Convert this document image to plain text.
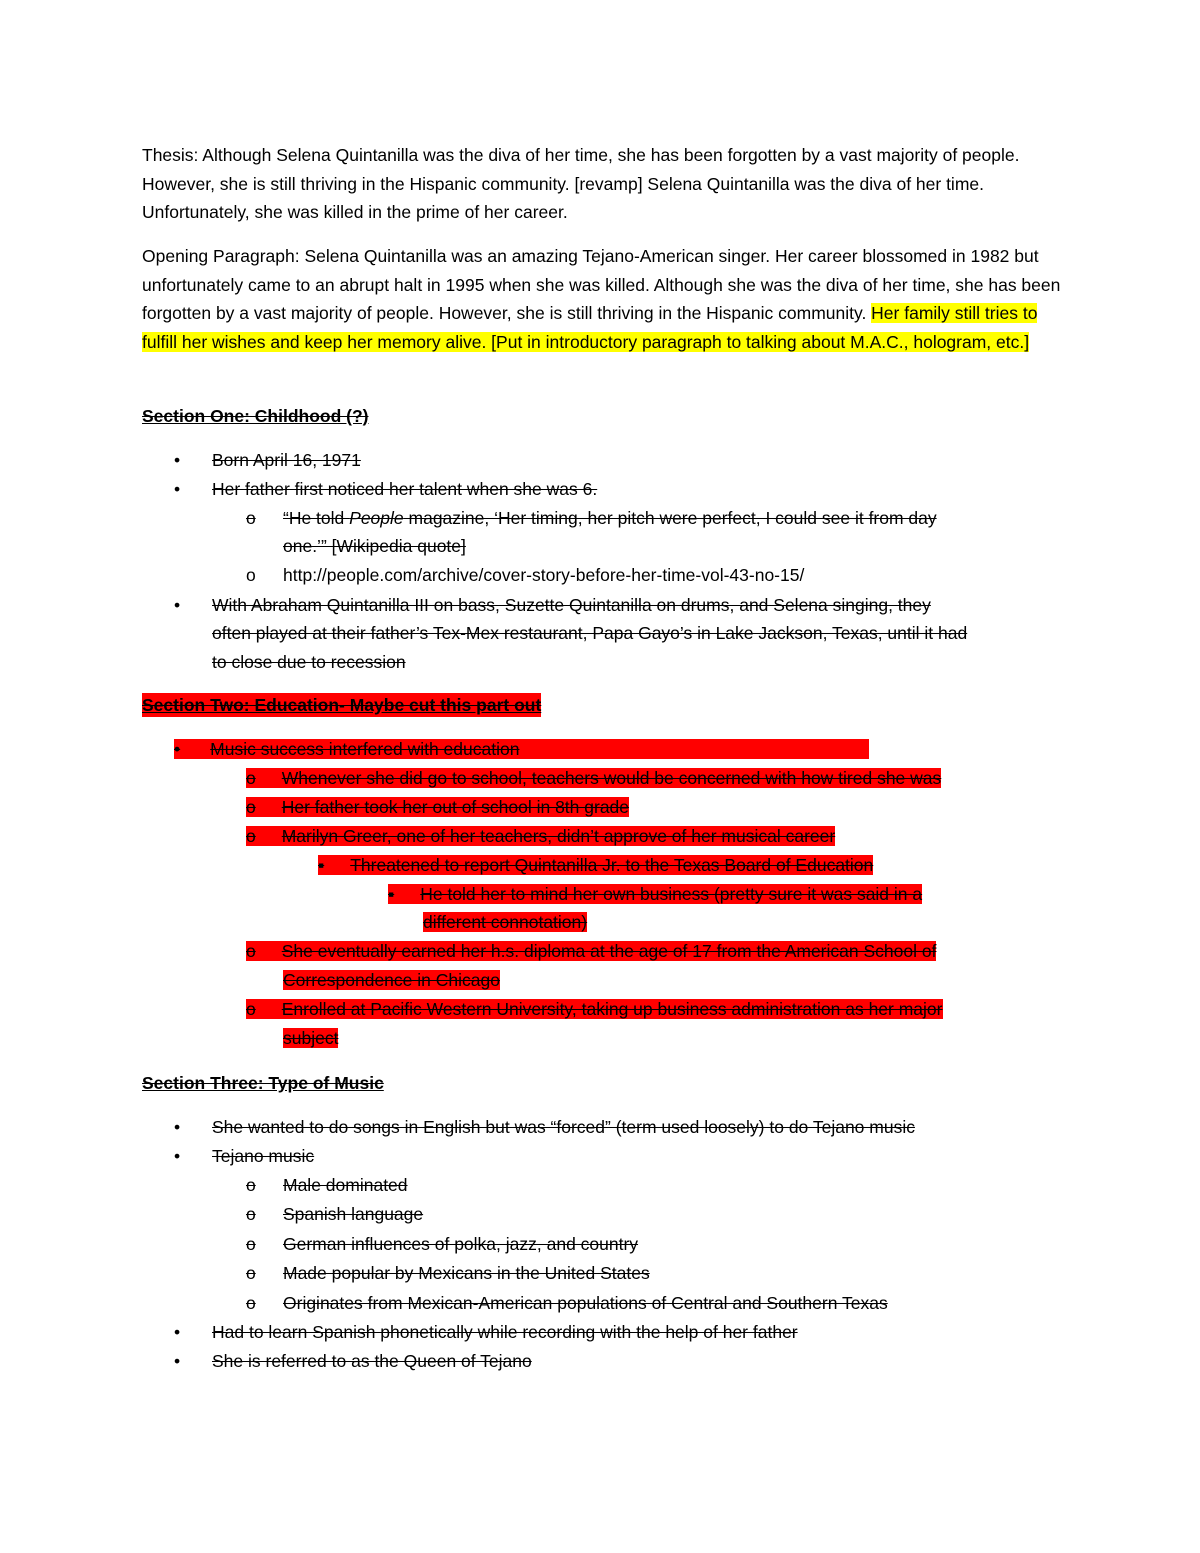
Thesis: Although Selena Quintanilla was the diva of her time, she has been forgotten by a vast majority of people. However, she is still thriving in the Hispanic community. [revamp] Selena Quintanilla was the diva of her time. Unfortunately, she was killed in the prime of her career.

Opening Paragraph: Selena Quintanilla was an amazing Tejano-American singer. Her career blossomed in 1982 but unfortunately came to an abrupt halt in 1995 when she was killed. Although she was the diva of her time, she has been forgotten by a vast majority of people. However, she is still thriving in the Hispanic community. Her family still tries to fulfill her wishes and keep her memory alive. [Put in introductory paragraph to talking about M.A.C., hologram, etc.]

Section One: Childhood (?)
•	Born April 16, 1971
•	Her father first noticed her talent when she was 6.
o	“He told People magazine, ‘Her timing, her pitch were perfect, I could see it from day
one.’” [Wikipedia quote]
o	http://people.com/archive/cover-story-before-her-time-vol-43-no-15/
•	With Abraham Quintanilla III on bass, Suzette Quintanilla on drums, and Selena singing, they
often played at their father’s Tex-Mex restaurant, Papa Gayo’s in Lake Jackson, Texas, until it had
to close due to recession
Section Two: Education- Maybe cut this part out
• Music success interfered with education
o Whenever she did go to school, teachers would be concerned with how tired she was
o Her father took her out of school in 8th grade
o Marilyn Greer, one of her teachers, didn’t approve of her musical career
▪ Threatened to report Quintanilla Jr. to the Texas Board of Education
▪ He told her to mind her own business (pretty sure it was said in a
different connotation)
o She eventually earned her h.s. diploma at the age of 17 from the American School of
Correspondence in Chicago
o Enrolled at Pacific Western University, taking up business administration as her major
subject
Section Three: Type of Music
•	She wanted to do songs in English but was “forced” (term used loosely) to do Tejano music
•	Tejano music
o	Male dominated
o	Spanish language
o	German influences of polka, jazz, and country
o	Made popular by Mexicans in the United States
o	Originates from Mexican-American populations of Central and Southern Texas
•	Had to learn Spanish phonetically while recording with the help of her father
•	She is referred to as the Queen of Tejano
